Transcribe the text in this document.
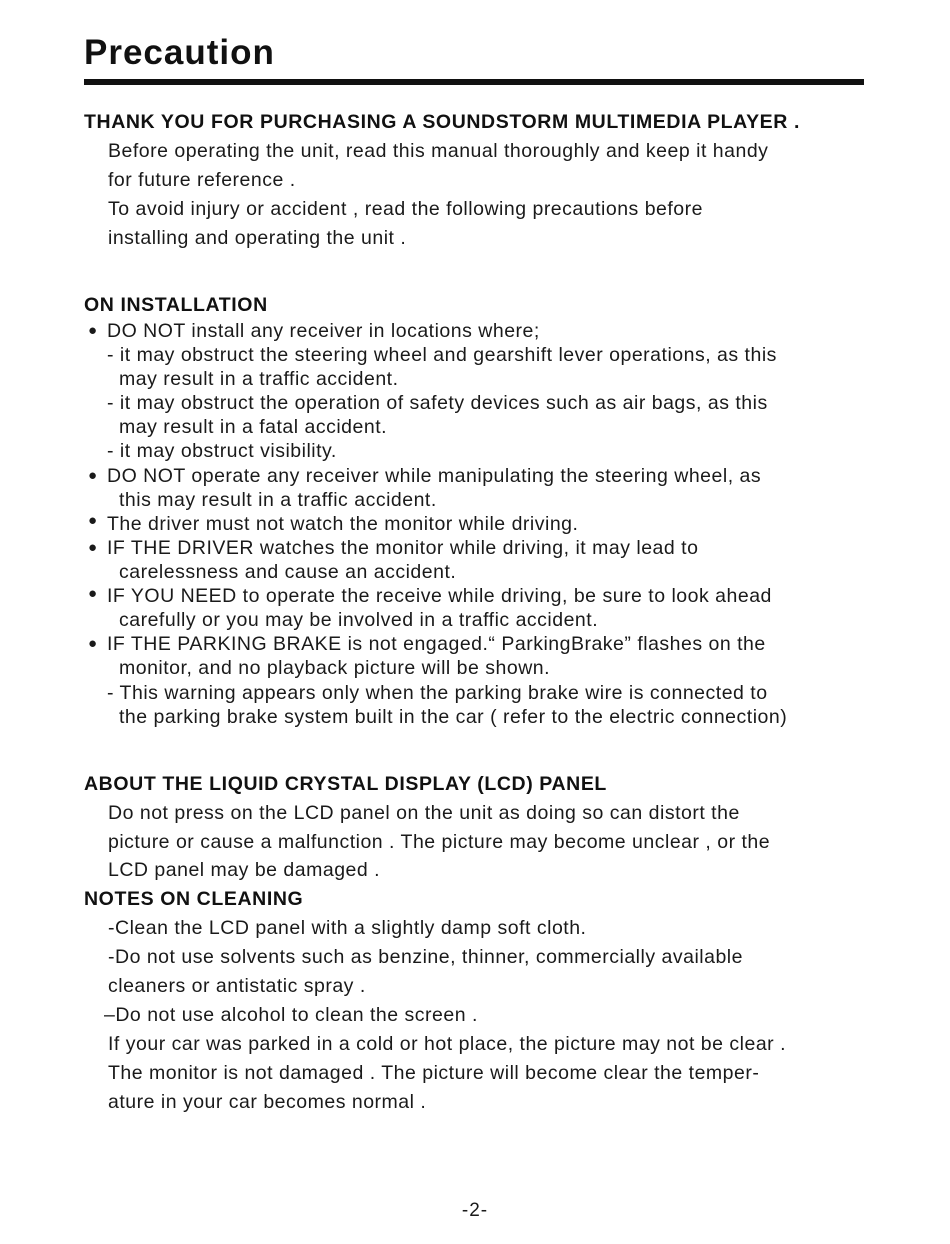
Precaution

THANK YOU FOR PURCHASING A SOUNDSTORM MULTIMEDIA PLAYER .

Before operating the unit, read this manual thoroughly and keep it handy

for future reference .

To avoid injury or accident , read the following precautions before

installing and operating the unit .

ON INSTALLATION

● DO NOT install any receiver in locations where;

- it may obstruct the steering wheel and gearshift lever operations, as this

may result in a traffic accident.

- it may obstruct the operation of safety devices such as air bags, as this

may result in a fatal accident.

- it may obstruct visibility.

● DO NOT operate any receiver while manipulating the steering wheel, as

this may result in a traffic accident.

● The driver must not watch the monitor while driving.

● IF THE DRIVER watches the monitor while driving, it may lead to

carelessness and cause an accident.

● IF YOU NEED to operate the receive while driving, be sure to look ahead

carefully or you may be involved in a traffic accident.

● IF THE PARKING BRAKE is not engaged.“ ParkingBrake” flashes on the

monitor, and no playback picture will be shown.

- This warning appears only when the parking brake wire is connected to

the parking brake system built in the car ( refer to the electric connection)

ABOUT THE LIQUID CRYSTAL DISPLAY (LCD) PANEL

Do not press on the LCD panel on the unit as doing so can distort the

picture or cause a malfunction . The picture may become unclear , or the

LCD panel may be damaged .

NOTES ON CLEANING

-Clean the LCD panel with a slightly damp soft cloth.

-Do not use solvents such as benzine, thinner, commercially available

cleaners or antistatic spray .

–Do not use alcohol to clean the screen .

If your car was parked in a cold or hot place, the picture may not be clear .

The monitor is not damaged . The picture will become clear the temper-

ature in your car becomes normal .

-2-
